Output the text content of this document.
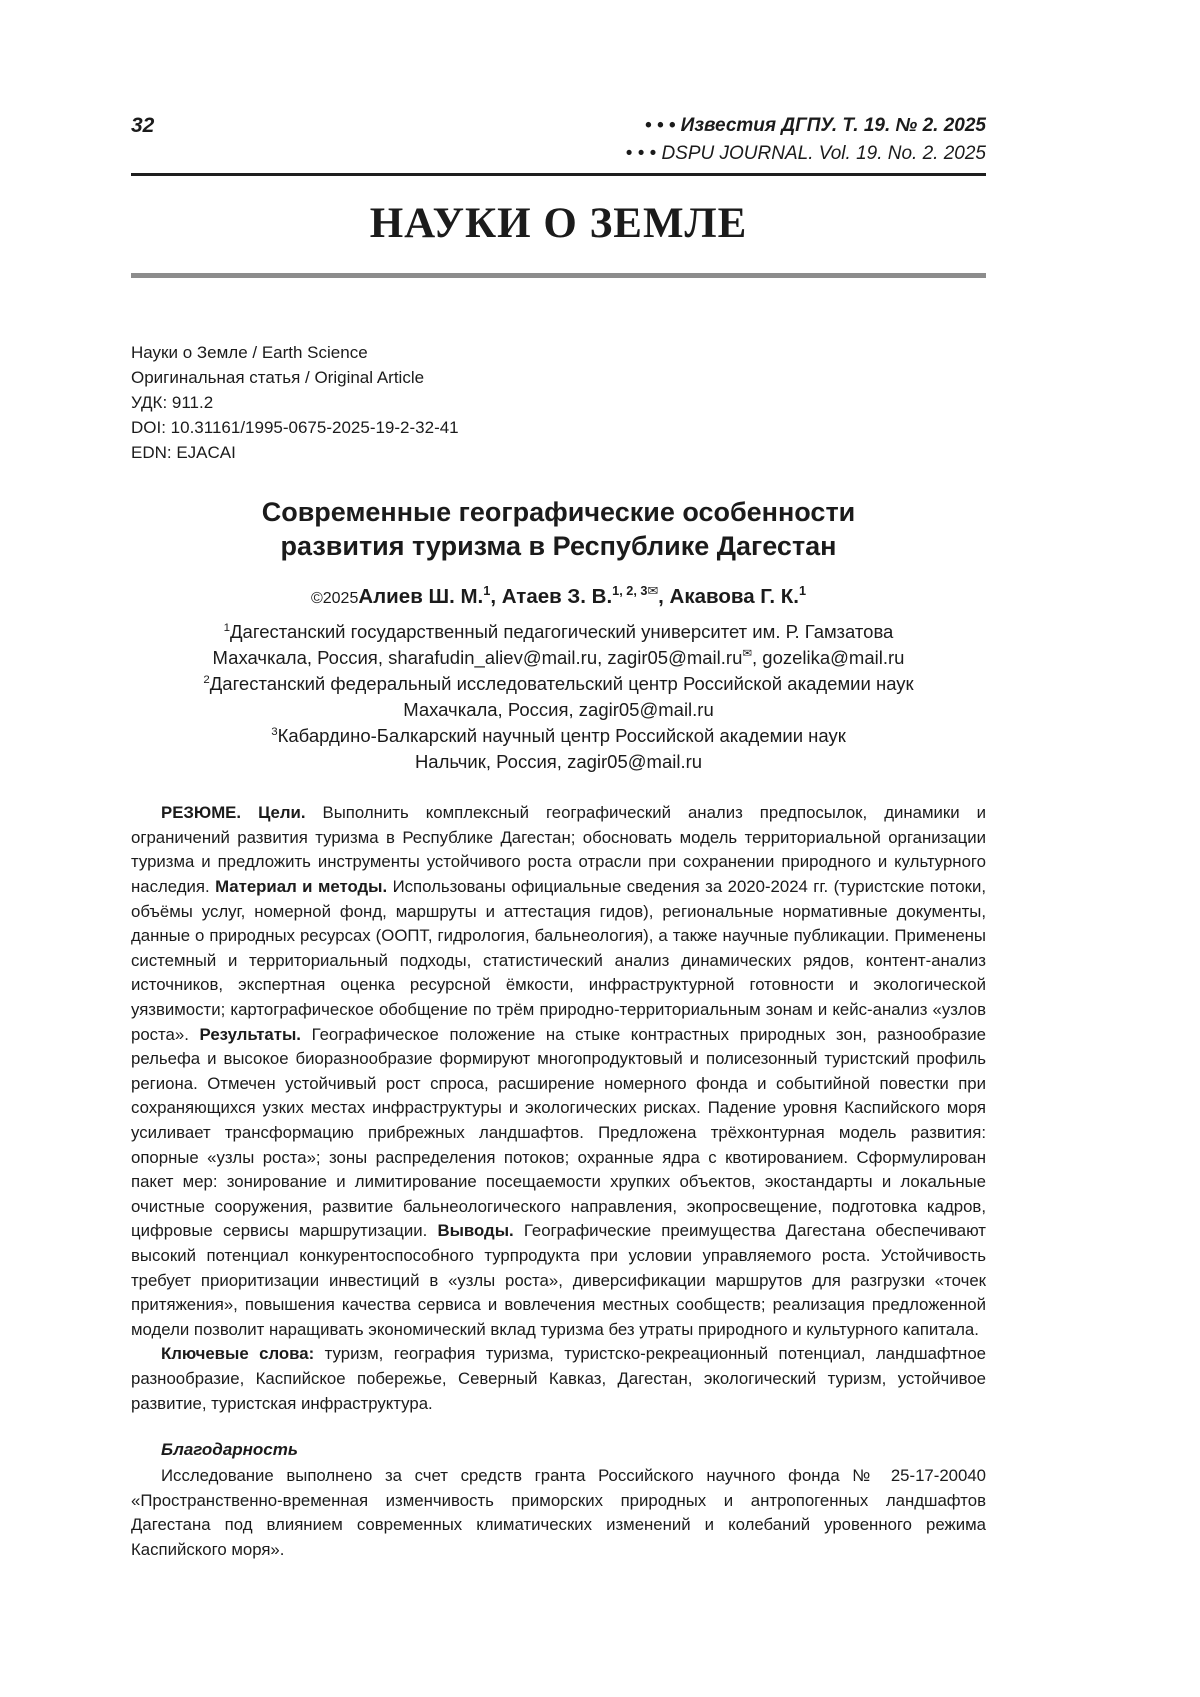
32	• • • Известия ДГПУ. Т. 19. № 2. 2025
• • • DSPU JOURNAL. Vol. 19. No. 2. 2025
НАУКИ О ЗЕМЛЕ
Науки о Земле / Earth Science
Оригинальная статья / Original Article
УДК: 911.2
DOI: 10.31161/1995-0675-2025-19-2-32-41
EDN: EJACAI
Современные географические особенности
развития туризма в Республике Дагестан
©2025Алиев Ш. М.$^1$, Атаев З. В.$^{1, 2, 3✉}$, Акавова Г. К.$^1$
$^1$Дагестанский государственный педагогический университет им. Р. Гамзатова
Махачкала, Россия, sharafudin_aliev@mail.ru, zagir05@mail.ru✉, gozelika@mail.ru
$^2$Дагестанский федеральный исследовательский центр Российской академии наук
Махачкала, Россия, zagir05@mail.ru
$^3$Кабардино-Балкарский научный центр Российской академии наук
Нальчик, Россия, zagir05@mail.ru

РЕЗЮМЕ. Цели. Выполнить комплексный географический анализ предпосылок, динамики и ограничений развития туризма в Республике Дагестан; обосновать модель территориальной организации туризма и предложить инструменты устойчивого роста отрасли при сохранении природного и культурного наследия. Материал и методы. Использованы официальные сведения за 2020-2024 гг. (туристские потоки, объёмы услуг, номерной фонд, маршруты и аттестация гидов), региональные нормативные документы, данные о природных ресурсах (ООПТ, гидрология, бальнеология), а также научные публикации. Применены системный и территориальный подходы, статистический анализ динамических рядов, контент-анализ источников, экспертная оценка ресурсной ёмкости, инфраструктурной готовности и экологической уязвимости; картографическое обобщение по трём природно-территориальным зонам и кейс-анализ «узлов роста». Результаты. Географическое положение на стыке контрастных природных зон, разнообразие рельефа и высокое биоразнообразие формируют многопродуктовый и полисезонный туристский профиль региона. Отмечен устойчивый рост спроса, расширение номерного фонда и событийной повестки при сохраняющихся узких местах инфраструктуры и экологических рисках. Падение уровня Каспийского моря усиливает трансформацию прибрежных ландшафтов. Предложена трёхконтурная модель развития: опорные «узлы роста»; зоны распределения потоков; охранные ядра с квотированием. Сформулирован пакет мер: зонирование и лимитирование посещаемости хрупких объектов, экостандарты и локальные очистные сооружения, развитие бальнеологического направления, экопросвещение, подготовка кадров, цифровые сервисы маршрутизации. Выводы. Географические преимущества Дагестана обеспечивают высокий потенциал конкурентоспособного турпродукта при условии управляемого роста. Устойчивость требует приоритизации инвестиций в «узлы роста», диверсификации маршрутов для разгрузки «точек притяжения», повышения качества сервиса и вовлечения местных сообществ; реализация предложенной модели позволит наращивать экономический вклад туризма без утраты природного и культурного капитала.

Ключевые слова: туризм, география туризма, туристско-рекреационный потенциал, ландшафтное разнообразие, Каспийское побережье, Северный Кавказ, Дагестан, экологический туризм, устойчивое развитие, туристская инфраструктура.

Благодарность

Исследование выполнено за счет средств гранта Российского научного фонда № 25-17-20040 «Пространственно-временная изменчивость приморских природных и антропогенных ландшафтов Дагестана под влиянием современных климатических изменений и колебаний уровенного режима Каспийского моря».
